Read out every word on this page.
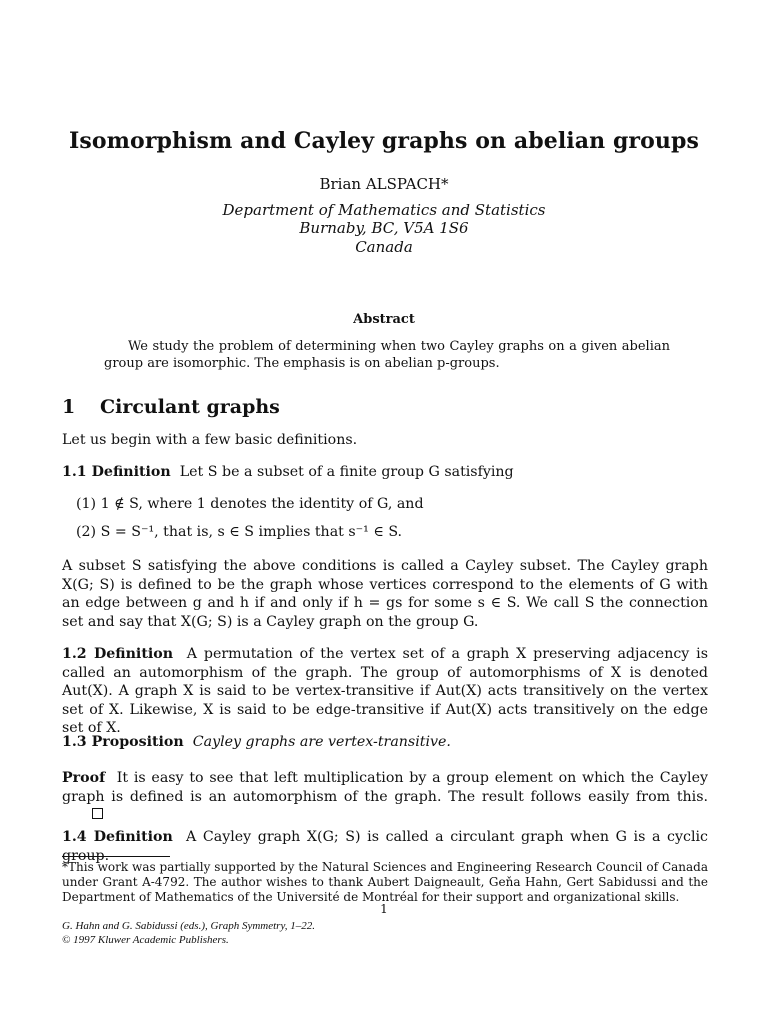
Isomorphism and Cayley graphs on abelian groups
Brian ALSPACH*
Department of Mathematics and Statistics
Burnaby, BC, V5A 1S6
Canada
Abstract
We study the problem of determining when two Cayley graphs on a given abelian group are isomorphic. The emphasis is on abelian p-groups.
1 Circulant graphs
Let us begin with a few basic definitions.
1.1 Definition Let S be a subset of a finite group G satisfying
(1) 1 ∉ S, where 1 denotes the identity of G, and
(2) S = S⁻¹, that is, s ∈ S implies that s⁻¹ ∈ S.
A subset S satisfying the above conditions is called a Cayley subset. The Cayley graph X(G; S) is defined to be the graph whose vertices correspond to the elements of G with an edge between g and h if and only if h = gs for some s ∈ S. We call S the connection set and say that X(G; S) is a Cayley graph on the group G.
1.2 Definition A permutation of the vertex set of a graph X preserving adjacency is called an automorphism of the graph. The group of automorphisms of X is denoted Aut(X). A graph X is said to be vertex-transitive if Aut(X) acts transitively on the vertex set of X. Likewise, X is said to be edge-transitive if Aut(X) acts transitively on the edge set of X.
1.3 Proposition Cayley graphs are vertex-transitive.
Proof It is easy to see that left multiplication by a group element on which the Cayley graph is defined is an automorphism of the graph. The result follows easily from this.
1.4 Definition A Cayley graph X(G; S) is called a circulant graph when G is a cyclic group.
*This work was partially supported by the Natural Sciences and Engineering Research Council of Canada under Grant A-4792. The author wishes to thank Aubert Daigneault, Geňa Hahn, Gert Sabidussi and the Department of Mathematics of the Université de Montréal for their support and organizational skills.
1
G. Hahn and G. Sabidussi (eds.), Graph Symmetry, 1–22.
© 1997 Kluwer Academic Publishers.
